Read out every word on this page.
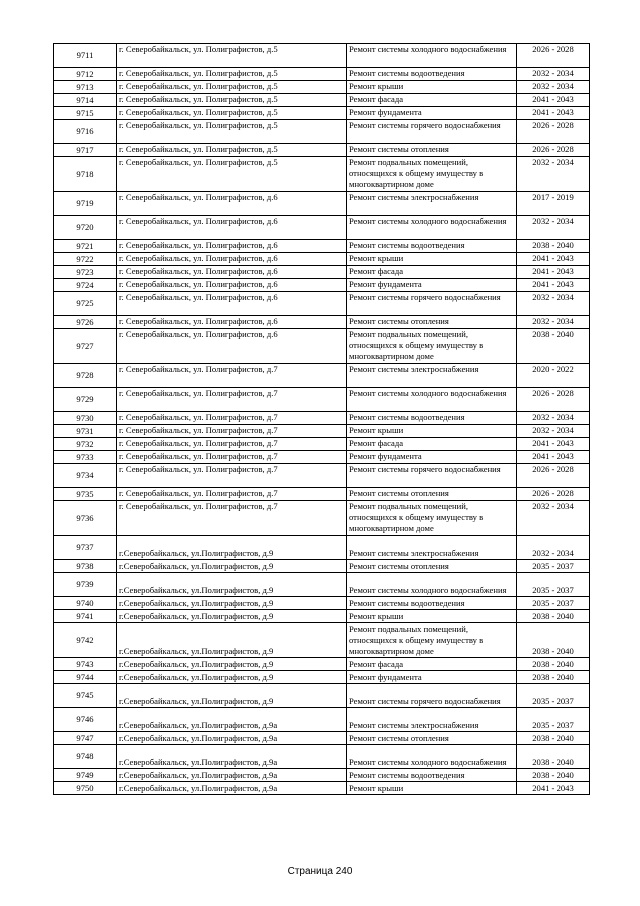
9711	г. Северобайкальск, ул. Полиграфистов, д.5	Ремонт системы холодного водоснабжения	2026 - 2028
9712	г. Северобайкальск, ул. Полиграфистов, д.5	Ремонт системы водоотведения	2032 - 2034
9713	г. Северобайкальск, ул. Полиграфистов, д.5	Ремонт крыши	2032 - 2034
9714	г. Северобайкальск, ул. Полиграфистов, д.5	Ремонт фасада	2041 - 2043
9715	г. Северобайкальск, ул. Полиграфистов, д.5	Ремонт фундамента	2041 - 2043
9716	г. Северобайкальск, ул. Полиграфистов, д.5	Ремонт системы горячего водоснабжения	2026 - 2028
9717	г. Северобайкальск, ул. Полиграфистов, д.5	Ремонт системы отопления	2026 - 2028
9718	г. Северобайкальск, ул. Полиграфистов, д.5	Ремонт подвальных помещений, относящихся к общему имуществу в многоквартирном доме	2032 - 2034
9719	г. Северобайкальск, ул. Полиграфистов, д.6	Ремонт системы электроснабжения	2017 - 2019
9720	г. Северобайкальск, ул. Полиграфистов, д.6	Ремонт системы холодного водоснабжения	2032 - 2034
9721	г. Северобайкальск, ул. Полиграфистов, д.6	Ремонт системы водоотведения	2038 - 2040
9722	г. Северобайкальск, ул. Полиграфистов, д.6	Ремонт крыши	2041 - 2043
9723	г. Северобайкальск, ул. Полиграфистов, д.6	Ремонт фасада	2041 - 2043
9724	г. Северобайкальск, ул. Полиграфистов, д.6	Ремонт фундамента	2041 - 2043
9725	г. Северобайкальск, ул. Полиграфистов, д.6	Ремонт системы горячего водоснабжения	2032 - 2034
9726	г. Северобайкальск, ул. Полиграфистов, д.6	Ремонт системы отопления	2032 - 2034
9727	г. Северобайкальск, ул. Полиграфистов, д.6	Ремонт подвальных помещений, относящихся к общему имуществу в многоквартирном доме	2038 - 2040
9728	г. Северобайкальск, ул. Полиграфистов, д.7	Ремонт системы электроснабжения	2020 - 2022
9729	г. Северобайкальск, ул. Полиграфистов, д.7	Ремонт системы холодного водоснабжения	2026 - 2028
9730	г. Северобайкальск, ул. Полиграфистов, д.7	Ремонт системы водоотведения	2032 - 2034
9731	г. Северобайкальск, ул. Полиграфистов, д.7	Ремонт крыши	2032 - 2034
9732	г. Северобайкальск, ул. Полиграфистов, д.7	Ремонт фасада	2041 - 2043
9733	г. Северобайкальск, ул. Полиграфистов, д.7	Ремонт фундамента	2041 - 2043
9734	г. Северобайкальск, ул. Полиграфистов, д.7	Ремонт системы горячего водоснабжения	2026 - 2028
9735	г. Северобайкальск, ул. Полиграфистов, д.7	Ремонт системы отопления	2026 - 2028
9736	г. Северобайкальск, ул. Полиграфистов, д.7	Ремонт подвальных помещений, относящихся к общему имуществу в многоквартирном доме	2032 - 2034
9737	г.Северобайкальск, ул.Полиграфистов, д.9	Ремонт системы электроснабжения	2032 - 2034
9738	г.Северобайкальск, ул.Полиграфистов, д.9	Ремонт системы отопления	2035 - 2037
9739	г.Северобайкальск, ул.Полиграфистов, д.9	Ремонт системы холодного водоснабжения	2035 - 2037
9740	г.Северобайкальск, ул.Полиграфистов, д.9	Ремонт системы водоотведения	2035 - 2037
9741	г.Северобайкальск, ул.Полиграфистов, д.9	Ремонт крыши	2038 - 2040
9742	г.Северобайкальск, ул.Полиграфистов, д.9	Ремонт подвальных помещений, относящихся к общему имуществу в многоквартирном доме	2038 - 2040
9743	г.Северобайкальск, ул.Полиграфистов, д.9	Ремонт фасада	2038 - 2040
9744	г.Северобайкальск, ул.Полиграфистов, д.9	Ремонт фундамента	2038 - 2040
9745	г.Северобайкальск, ул.Полиграфистов, д.9	Ремонт системы горячего водоснабжения	2035 - 2037
9746	г.Северобайкальск, ул.Полиграфистов, д.9а	Ремонт системы электроснабжения	2035 - 2037
9747	г.Северобайкальск, ул.Полиграфистов, д.9а	Ремонт системы отопления	2038 - 2040
9748	г.Северобайкальск, ул.Полиграфистов, д.9а	Ремонт системы холодного водоснабжения	2038 - 2040
9749	г.Северобайкальск, ул.Полиграфистов, д.9а	Ремонт системы водоотведения	2038 - 2040
9750	г.Северобайкальск, ул.Полиграфистов, д.9а	Ремонт крыши	2041 - 2043
Страница 240
